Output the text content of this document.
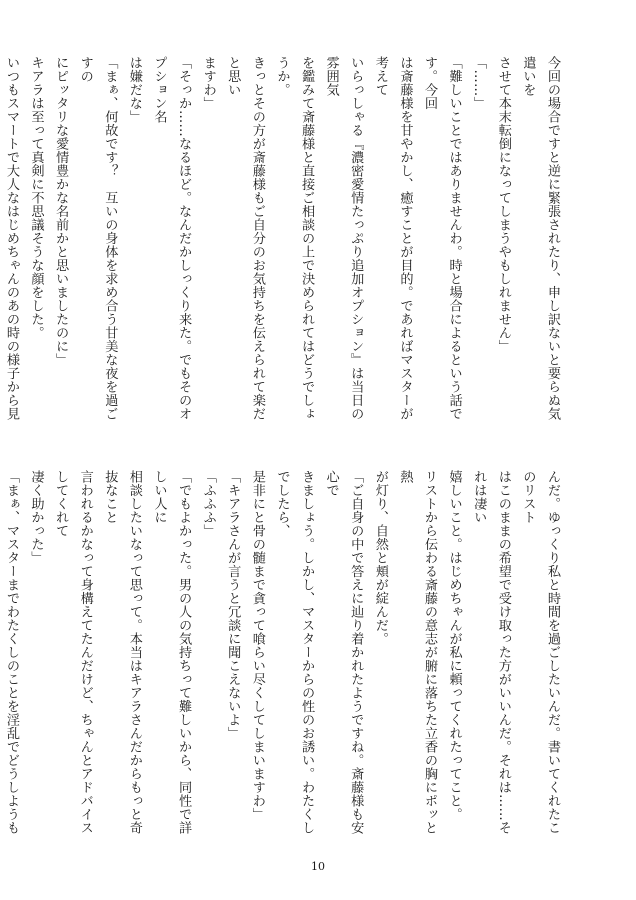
今回の場合ですと逆に緊張されたり、申し訳ないと要らぬ気遣いを
させて本末転倒になってしまうやもしれません」
「……」
「難しいことではありませんわ。時と場合によるという話です。今回
は斎藤様を甘やかし、癒すことが目的。であればマスターが考えて
いらっしゃる『濃密愛情たっぷり追加オプション』は当日の雰囲気
を鑑みて斎藤様と直接ご相談の上で決められてはどうでしょうか。
きっとその方が斎藤様もご自分のお気持ちを伝えられて楽だと思い
ますわ」
「そっか……なるほど。なんだかしっくり来た。でもそのオプション名
は嫌だな」
「まぁ、何故です？　互いの身体を求め合う甘美な夜を過ごすの
にピッタリな愛情豊かな名前かと思いましたのに」
キアラは至って真剣に不思議そうな顔をした。
いつもスマートで大人なはじめちゃんのあの時の様子から見

んだ。ゆっくり私と時間を過ごしたいんだ。書いてくれたこのリスト
はこのままの希望で受け取った方がいいんだ。それは……それは凄い
嬉しいこと。はじめちゃんが私に頼ってくれたってこと。
リストから伝わる斎藤の意志が腑に落ちた立香の胸にポッと熱
が灯り、自然と頬が綻んだ。
「ご自身の中で答えに辿り着かれたようですね。斎藤様も安心で
きましょう。しかし、マスターからの性のお誘い。わたくしでしたら、
是非にと骨の髄まで貪って喰らい尽くしてしまいますわ」
「キアラさんが言うと冗談に聞こえないよ」
「ふふふ」
「でもよかった。男の人の気持ちって難しいから、同性で詳しい人に
相談したいなって思って。本当はキアラさんだからもっと奇抜なこと
言われるかなって身構えてたんだけど、ちゃんとアドバイスしてくれて
凄く助かった」
「まぁ、マスターまでわたくしのことを淫乱でどうしようも

10
